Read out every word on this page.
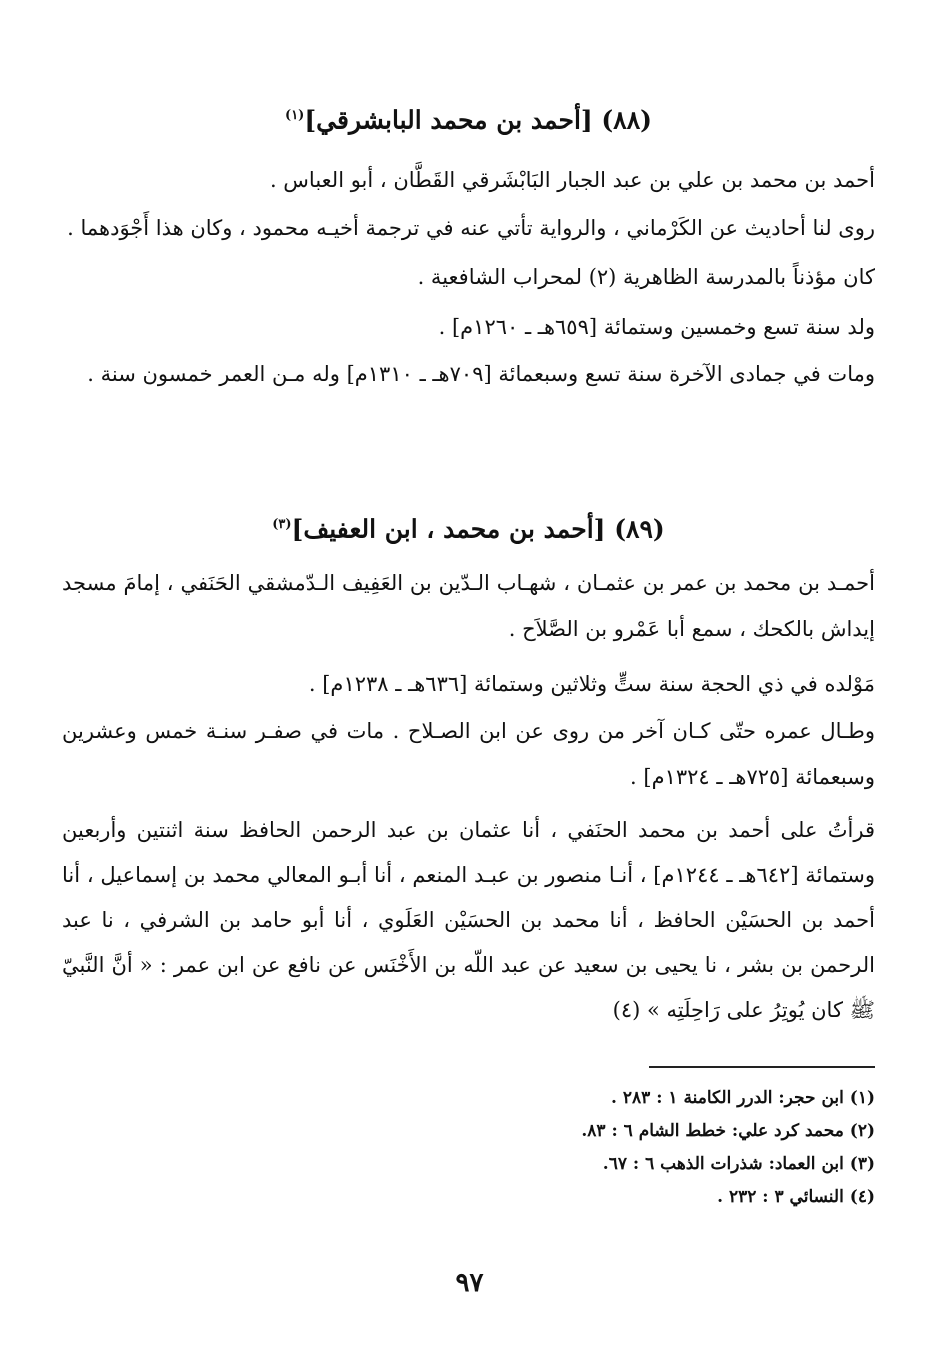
(٨٨) [أحمد بن محمد البابشرقي]$^{(١)}$

أحمد بن محمد بن علي بن عبد الجبار البَابْشَرقي القَطَّان ، أبو العباس .

روى لنا أحاديث عن الكَرْماني ، والرواية تأتي عنه في ترجمة أخيـه محمود ، وكان هذا أَجْوَدهما .

كان مؤذناً بالمدرسة الظاهرية (٢) لمحراب الشافعية .

ولد سنة تسع وخمسين وستمائة [٦٥٩هـ ـ ١٢٦٠م] .

ومات في جمادى الآخرة سنة تسع وسبعمائة [٧٠٩هـ ـ ١٣١٠م] وله مـن العمر خمسون سنة .

(٨٩) [أحمد بن محمد ، ابن العفيف]$^{(٣)}$

أحمـد بن محمد بن عمر بن عثمـان ، شهـاب الـدّين بن العَفِيف الـدّمشقي الحَنَفي ، إمامَ مسجد إيداش بالكحك ، سمع أبا عَمْرو بن الصَّلاَح .

مَوْلده في ذي الحجة سنة ستٍّ وثلاثين وستمائة [٦٣٦هـ ـ ١٢٣٨م] .

وطـال عمره حتّى كـان آخر من روى عن ابن الصـلاح . مات في صفـر سنـة خمس وعشرين وسبعمائة [٧٢٥هـ ـ ١٣٢٤م] .

قرأتُ على أحمد بن محمد الحنَفي ، أنا عثمان بن عبد الرحمن الحافظ سنة اثنتين وأربعين وستمائة [٦٤٢هـ ـ ١٢٤٤م] ، أنـا منصور بن عبـد المنعم ، أنا أبـو المعالي محمد بن إسماعيل ، أنا أحمد بن الحسَيْن الحافظ ، أنا محمد بن الحسَيْن العَلَوي ، أنا أبو حامد بن الشرفي ، نا عبد الرحمن بن بشر ، نا يحيى بن سعيد عن عبد اللّه بن الأَخْنَس عن نافع عن ابن عمر : « أنَّ النَّبيّ ﷺ كان يُوتِرُ على رَاحِلَتِه » (٤)

(١) ابن حجر: الدرر الكامنة ١ : ٢٨٣ .

(٢) محمد كرد علي: خطط الشام ٦ : ٨٣.

(٣) ابن العماد: شذرات الذهب ٦ : ٦٧.

(٤) النسائي ٣ : ٢٣٢ .

٩٧
